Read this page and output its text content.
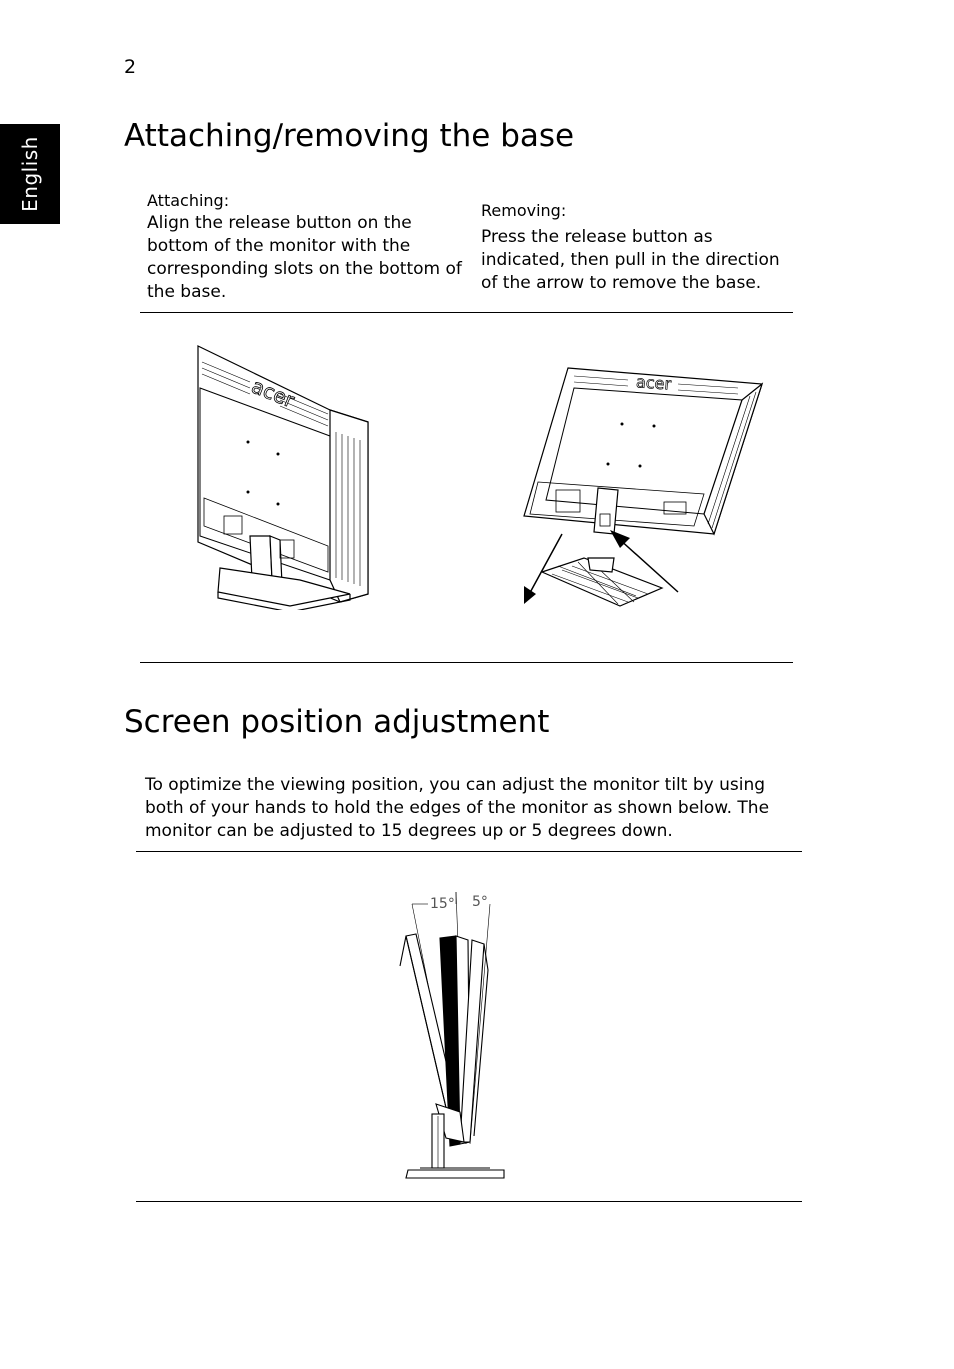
2
English
Attaching/removing the base
Attaching:
Align the release button on the bottom of the monitor with the corresponding slots on the bottom of the base.
Removing:
Press the release button as indicated, then pull in the direction of the arrow to remove the base.
acer	acer
Screen position adjustment
To optimize the viewing position, you can adjust the monitor tilt by using both of your hands to hold the edges of the monitor as shown below. The monitor can be adjusted to 15 degrees up or 5 degrees down.
15° 5°
